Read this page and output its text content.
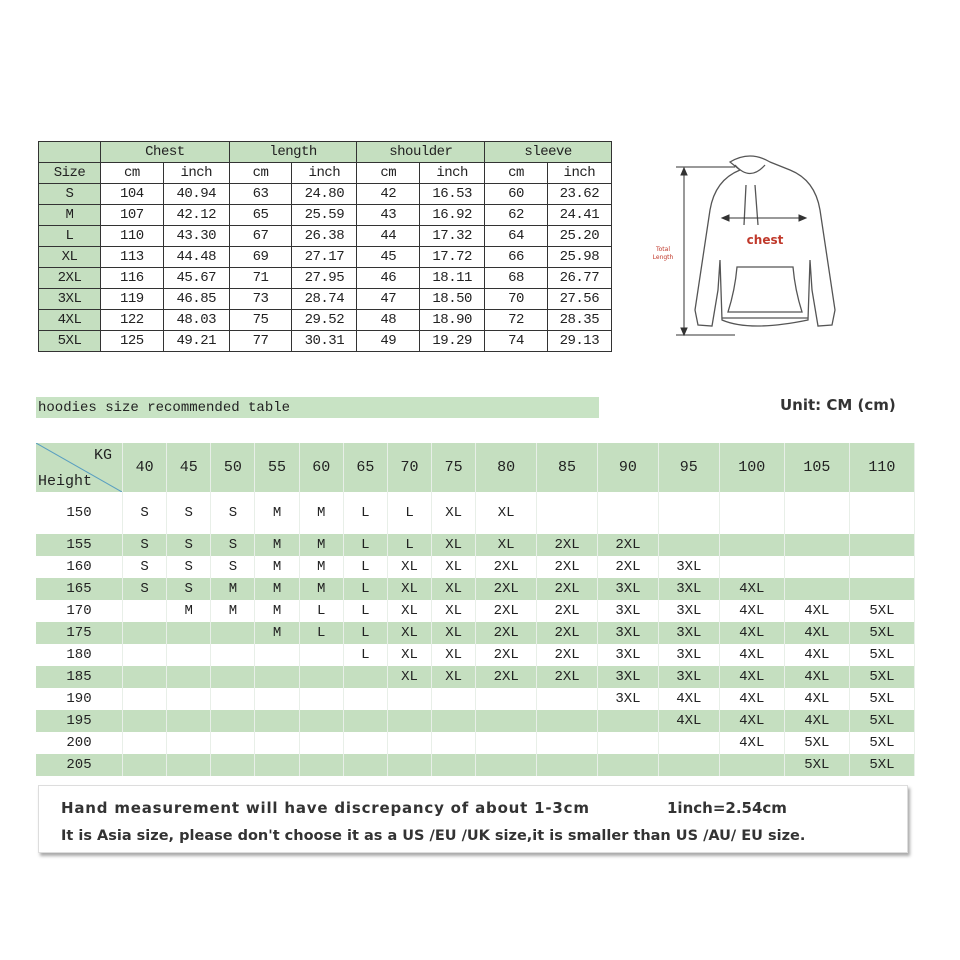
	Chest		length		shoulder		sleeve	
Size	cm	inch	cm	inch	cm	inch	cm	inch
S	104	40.94	63	24.80	42	16.53	60	23.62
M	107	42.12	65	25.59	43	16.92	62	24.41
L	110	43.30	67	26.38	44	17.32	64	25.20
XL	113	44.48	69	27.17	45	17.72	66	25.98
2XL	116	45.67	71	27.95	46	18.11	68	26.77
3XL	119	46.85	73	28.74	47	18.50	70	27.56
4XL	122	48.03	75	29.52	48	18.90	72	28.35
5XL	125	49.21	77	30.31	49	19.29	74	29.13
chest
Total
Length
hoodies size recommended table	Unit: CM (cm)
KG
Height	40	45	50	55	60	65	70	75	80	85	90	95	100	105	110
150	S	S	S	M	M	L	L	XL	XL						
155	S	S	S	M	M	L	L	XL	XL	2XL	2XL				
160	S	S	S	M	M	L	XL	XL	2XL	2XL	2XL	3XL			
165	S	S	M	M	M	L	XL	XL	2XL	2XL	3XL	3XL	4XL		
170		M	M	M	L	L	XL	XL	2XL	2XL	3XL	3XL	4XL	4XL	5XL
175				M	L	L	XL	XL	2XL	2XL	3XL	3XL	4XL	4XL	5XL
180						L	XL	XL	2XL	2XL	3XL	3XL	4XL	4XL	5XL
185							XL	XL	2XL	2XL	3XL	3XL	4XL	4XL	5XL
190											3XL	4XL	4XL	4XL	5XL
195												4XL	4XL	4XL	5XL
200													4XL	5XL	5XL
205														5XL	5XL
Hand measurement will have discrepancy of about 1-3cm	1inch=2.54cm
It is Asia size, please don't choose it as a US /EU /UK size,it is smaller than US /AU/ EU size.
